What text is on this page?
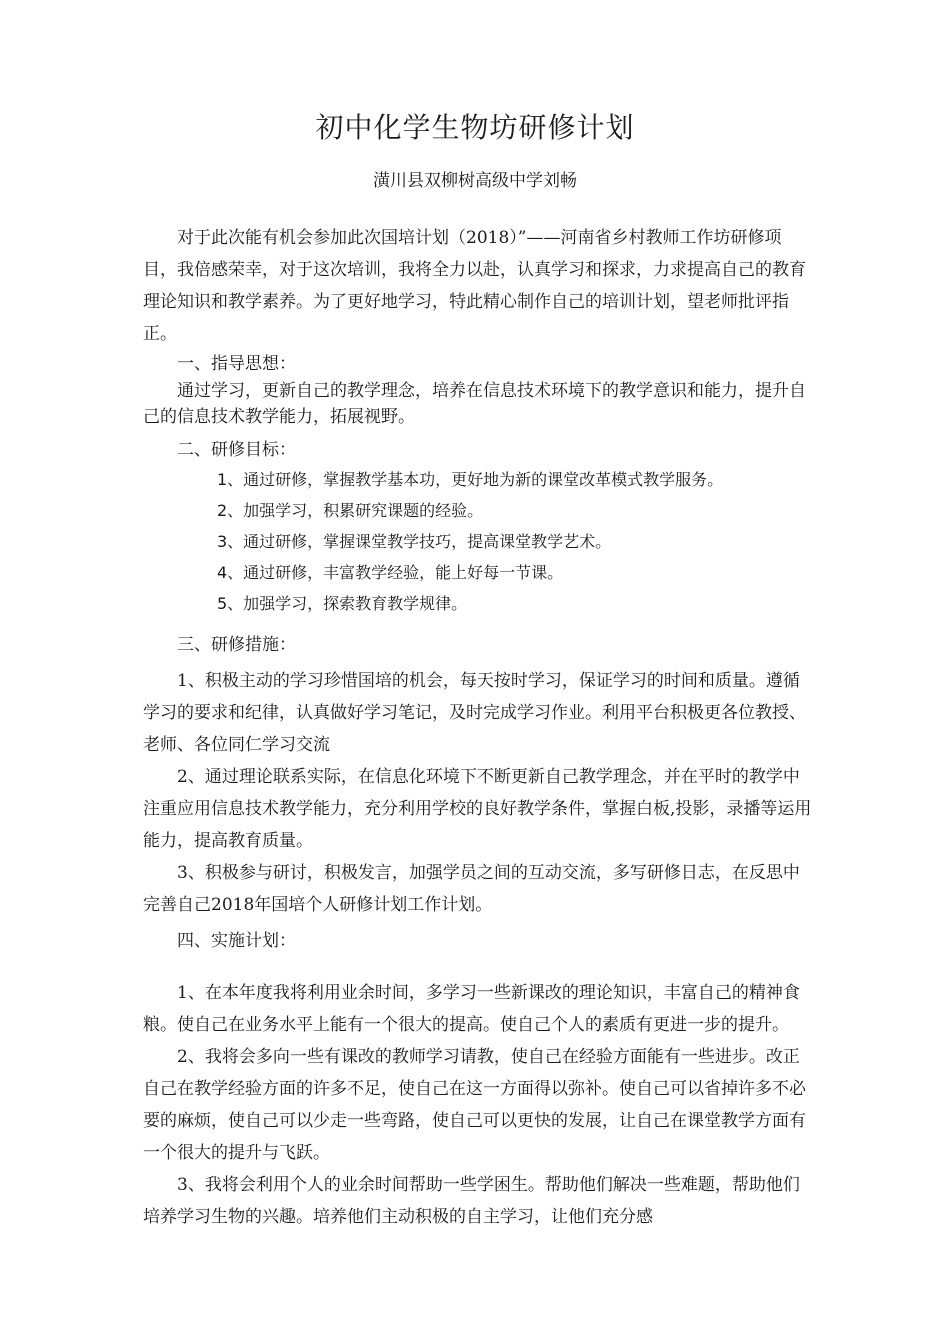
初中化学生物坊研修计划
潢川县双柳树高级中学刘畅

对于此次能有机会参加此次国培计划（2018）”——河南省乡村教师工作坊研修项目，我倍感荣幸，对于这次培训，我将全力以赴，认真学习和探求，力求提高自己的教育理论知识和教学素养。为了更好地学习，特此精心制作自己的培训计划，望老师批评指正。

一、指导思想：

通过学习，更新自己的教学理念，培养在信息技术环境下的教学意识和能力，提升自己的信息技术教学能力，拓展视野。

二、研修目标：

1、通过研修，掌握教学基本功，更好地为新的课堂改革模式教学服务。

2、加强学习，积累研究课题的经验。

3、通过研修，掌握课堂教学技巧，提高课堂教学艺术。

4、通过研修，丰富教学经验，能上好每一节课。

5、加强学习，探索教育教学规律。

三、研修措施：

1、积极主动的学习珍惜国培的机会，每天按时学习，保证学习的时间和质量。遵循学习的要求和纪律，认真做好学习笔记，及时完成学习作业。利用平台积极更各位教授、老师、各位同仁学习交流

2、通过理论联系实际，在信息化环境下不断更新自己教学理念，并在平时的教学中注重应用信息技术教学能力，充分利用学校的良好教学条件，掌握白板,投影，录播等运用能力，提高教育质量。

3、积极参与研讨，积极发言，加强学员之间的互动交流，多写研修日志，在反思中完善自己2018年国培个人研修计划工作计划。

四、实施计划：

1、在本年度我将利用业余时间，多学习一些新课改的理论知识，丰富自己的精神食粮。使自己在业务水平上能有一个很大的提高。使自己个人的素质有更进一步的提升。

2、我将会多向一些有课改的教师学习请教，使自己在经验方面能有一些进步。改正自己在教学经验方面的许多不足，使自己在这一方面得以弥补。使自己可以省掉许多不必要的麻烦，使自己可以少走一些弯路，使自己可以更快的发展，让自己在课堂教学方面有一个很大的提升与飞跃。

3、我将会利用个人的业余时间帮助一些学困生。帮助他们解决一些难题，帮助他们培养学习生物的兴趣。培养他们主动积极的自主学习，让他们充分感
